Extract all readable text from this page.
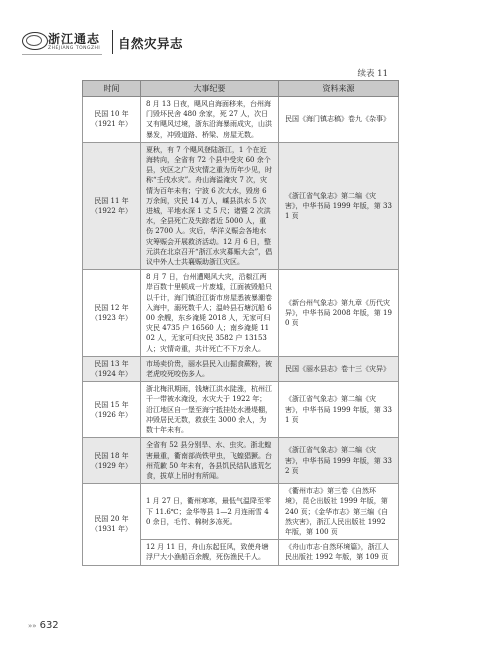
浙江通志
ZHEJIANG TONGZHI 自然灾异志
续表 11
时间	大事纪要	资料来源

民国 10 年
（1921 年）	8 月 13 日夜，飓风自海面移来，台州海门毁坏民舍 480 余家，死 27 人，次日又有飓风过境，浙东沿海暴雨成灾，山洪暴发，冲毁道路、桥梁、房屋无数。	民国《海门镇志稿》卷九《杂事》

民国 11 年
（1922 年）	夏秋，有 7 个飓风登陆浙江，1 个在近海转向，全省有 72 个县中受灾 60 余个县，灾区之广及灾情之重为历年少见，时称“壬戌水灾”。舟山海溢淹灾 7 次，灾情为百年未有；宁波 6 次大水，毁房 6 万余间，灾民 14 万人，嵊县洪水 5 次进城，平地水深 1 丈 5 尺；诸暨 2 次洪水，全县死亡及失踪者近 5000 人，重伤 2700 人。灾后，华洋义赈会各地水灾筹赈会开展救济活动。12 月 6 日，整元洪在北京召开“浙江水灾募赈大会”，倡议中外人士共襄赈助浙江灾区。	《浙江省气象志》第二编《灾害》，中华书局 1999 年版，第 331 页

民国 12 年
（1923 年）	8 月 7 日，台州遭飓风大灾，沿椒江两岸百数十里顿成一片废墟，江面被毁船只以千计，海门镇沿江街市房屋悉被暴潮卷入海中，溺死数千人；温岭县石塘沉船 600 余艘，东乡淹毙 2018 人，无家可归灾民 4735 户 16560 人；南乡淹毙 1102 人，无家可归灾民 3582 户 13153 人；灾情奇重，共计死亡不下万余人。	《新台州气象志》第九章《历代灾异》，中华书局 2008 年版，第 190 页

民国 13 年
（1924 年）	市场卖价贵，丽水县民入山掘食蕨粉，被老虎咬死咬伤多人。	民国《丽水县志》卷十三《灾异》

民国 15 年
（1926 年）	浙北梅汛期雨，钱塘江洪水陡涨，杭州江干一带被水淹没，水灾大于 1922 年；沿江地区自一堡至海宁抵挂处水漫堤棚，冲毁居民无数，救获生 3000 余人，为数十年未有。	《浙江省气象志》第二编《灾害》，中华书局 1999 年版，第 331 页

民国 18 年
（1929 年）	全省有 52 县分别旱、水、虫灾。浙北蝗害最重，衢南部尚铁甲虫，飞蝗猖獗。台州荒歉 50 年未有，各县饥民结队逃荒乞食，拔草上吊时有所闻。	《浙江省气象志》第二编《灾害》，中华书局 1999 年版，第 332 页

民国 20 年
（1931 年）	1 月 27 日，衢州寒寒，最低气温降至零下 11.6℃；金华等县 1—2 月连雨雪 40 余日，毛竹、棉树多冻死。	《衢州市志》第三卷《自然环境》，昆仑出版社 1999 年版，第 240 页；《金华市志》第三编《自然灾害》，浙江人民出版社 1992 年版，第 100 页
	12 月 11 日，舟山东起狂风，致使舟塘浮尸大小漁船百余艘，死伤渔民千人。	《舟山市志·自然环境篇》，浙江人民出版社 1992 年版，第 109 页
»» 632
